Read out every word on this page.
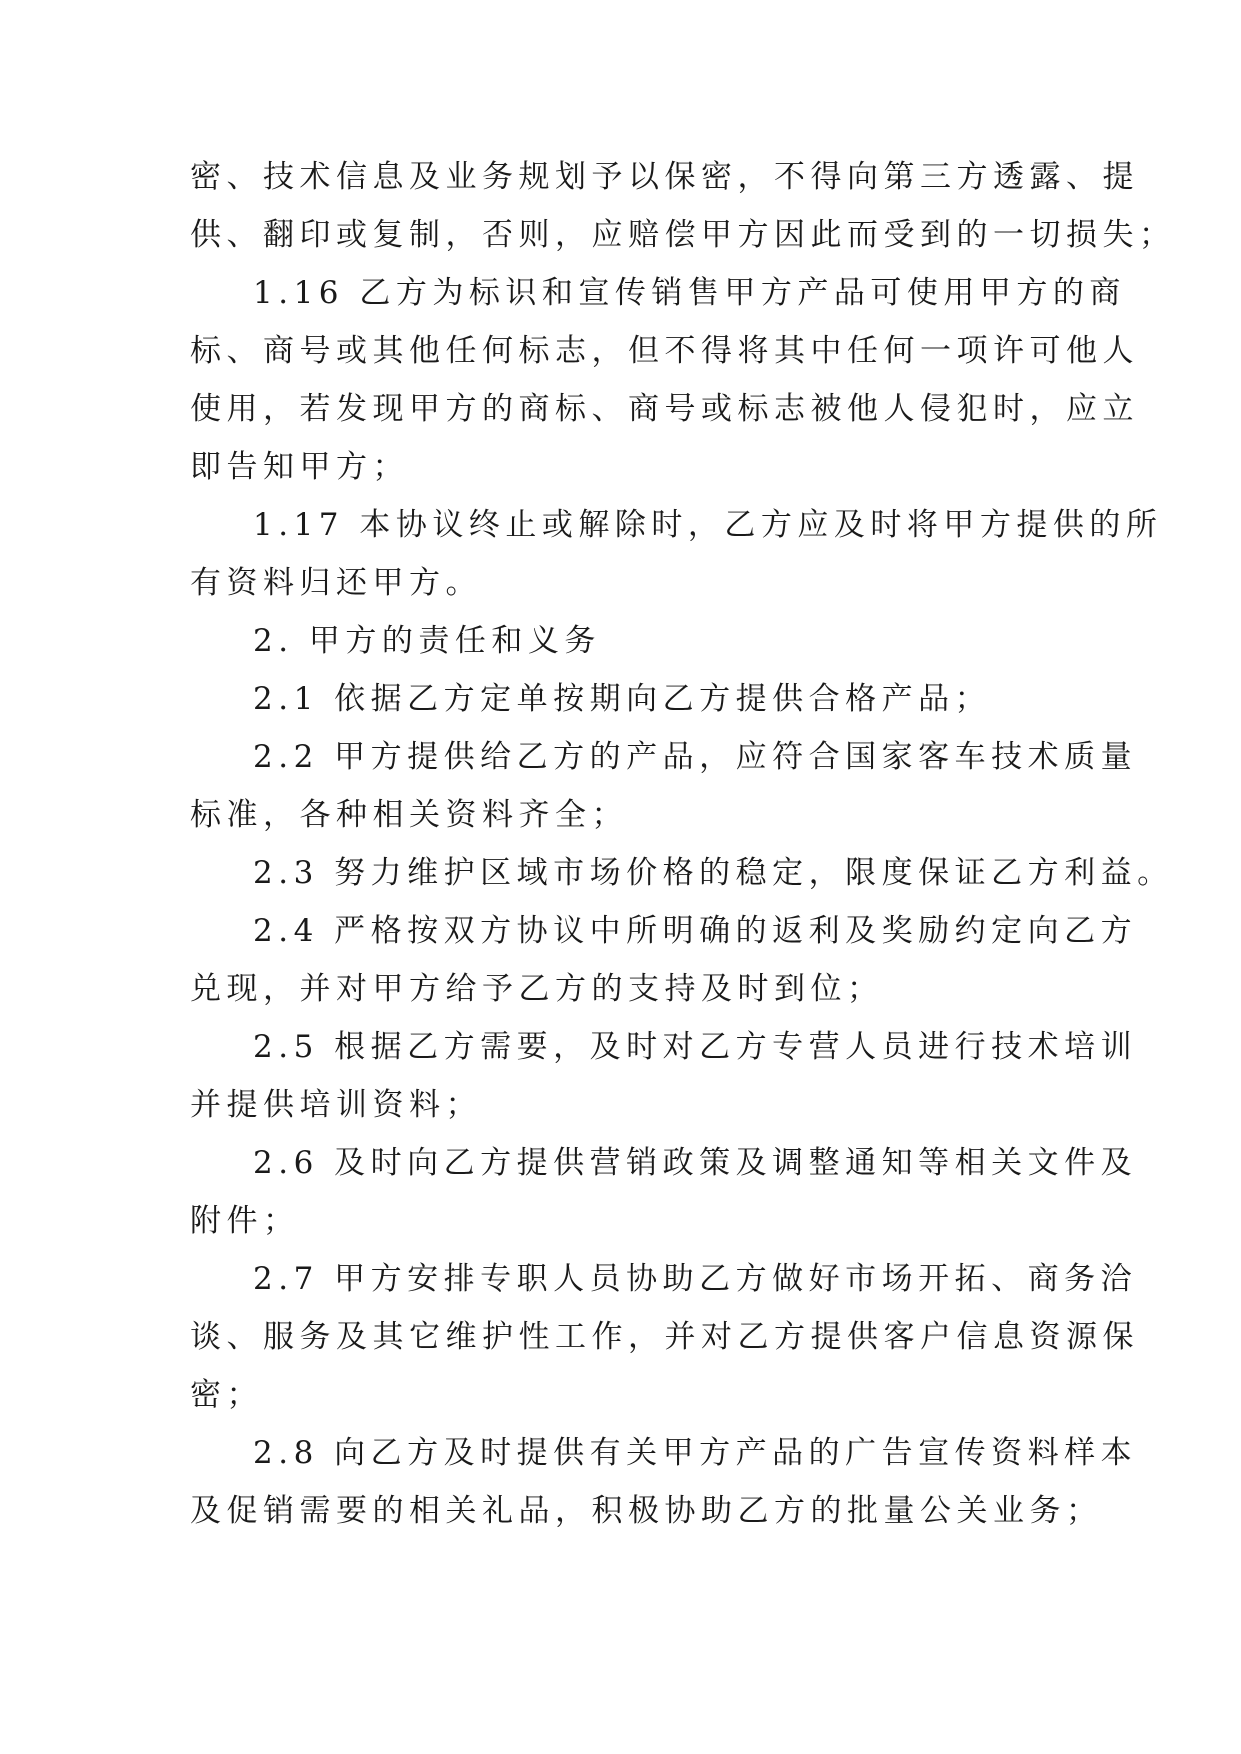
密、技术信息及业务规划予以保密，不得向第三方透露、提
供、翻印或复制，否则，应赔偿甲方因此而受到的一切损失；
1.16 乙方为标识和宣传销售甲方产品可使用甲方的商
标、商号或其他任何标志，但不得将其中任何一项许可他人
使用，若发现甲方的商标、商号或标志被他人侵犯时，应立
即告知甲方；
1.17 本协议终止或解除时，乙方应及时将甲方提供的所
有资料归还甲方。
2. 甲方的责任和义务
2.1 依据乙方定单按期向乙方提供合格产品；
2.2 甲方提供给乙方的产品，应符合国家客车技术质量
标准，各种相关资料齐全；
2.3 努力维护区域市场价格的稳定，限度保证乙方利益。
2.4 严格按双方协议中所明确的返利及奖励约定向乙方
兑现，并对甲方给予乙方的支持及时到位；
2.5 根据乙方需要，及时对乙方专营人员进行技术培训
并提供培训资料；
2.6 及时向乙方提供营销政策及调整通知等相关文件及
附件；
2.7 甲方安排专职人员协助乙方做好市场开拓、商务洽
谈、服务及其它维护性工作，并对乙方提供客户信息资源保
密；
2.8 向乙方及时提供有关甲方产品的广告宣传资料样本
及促销需要的相关礼品，积极协助乙方的批量公关业务；
